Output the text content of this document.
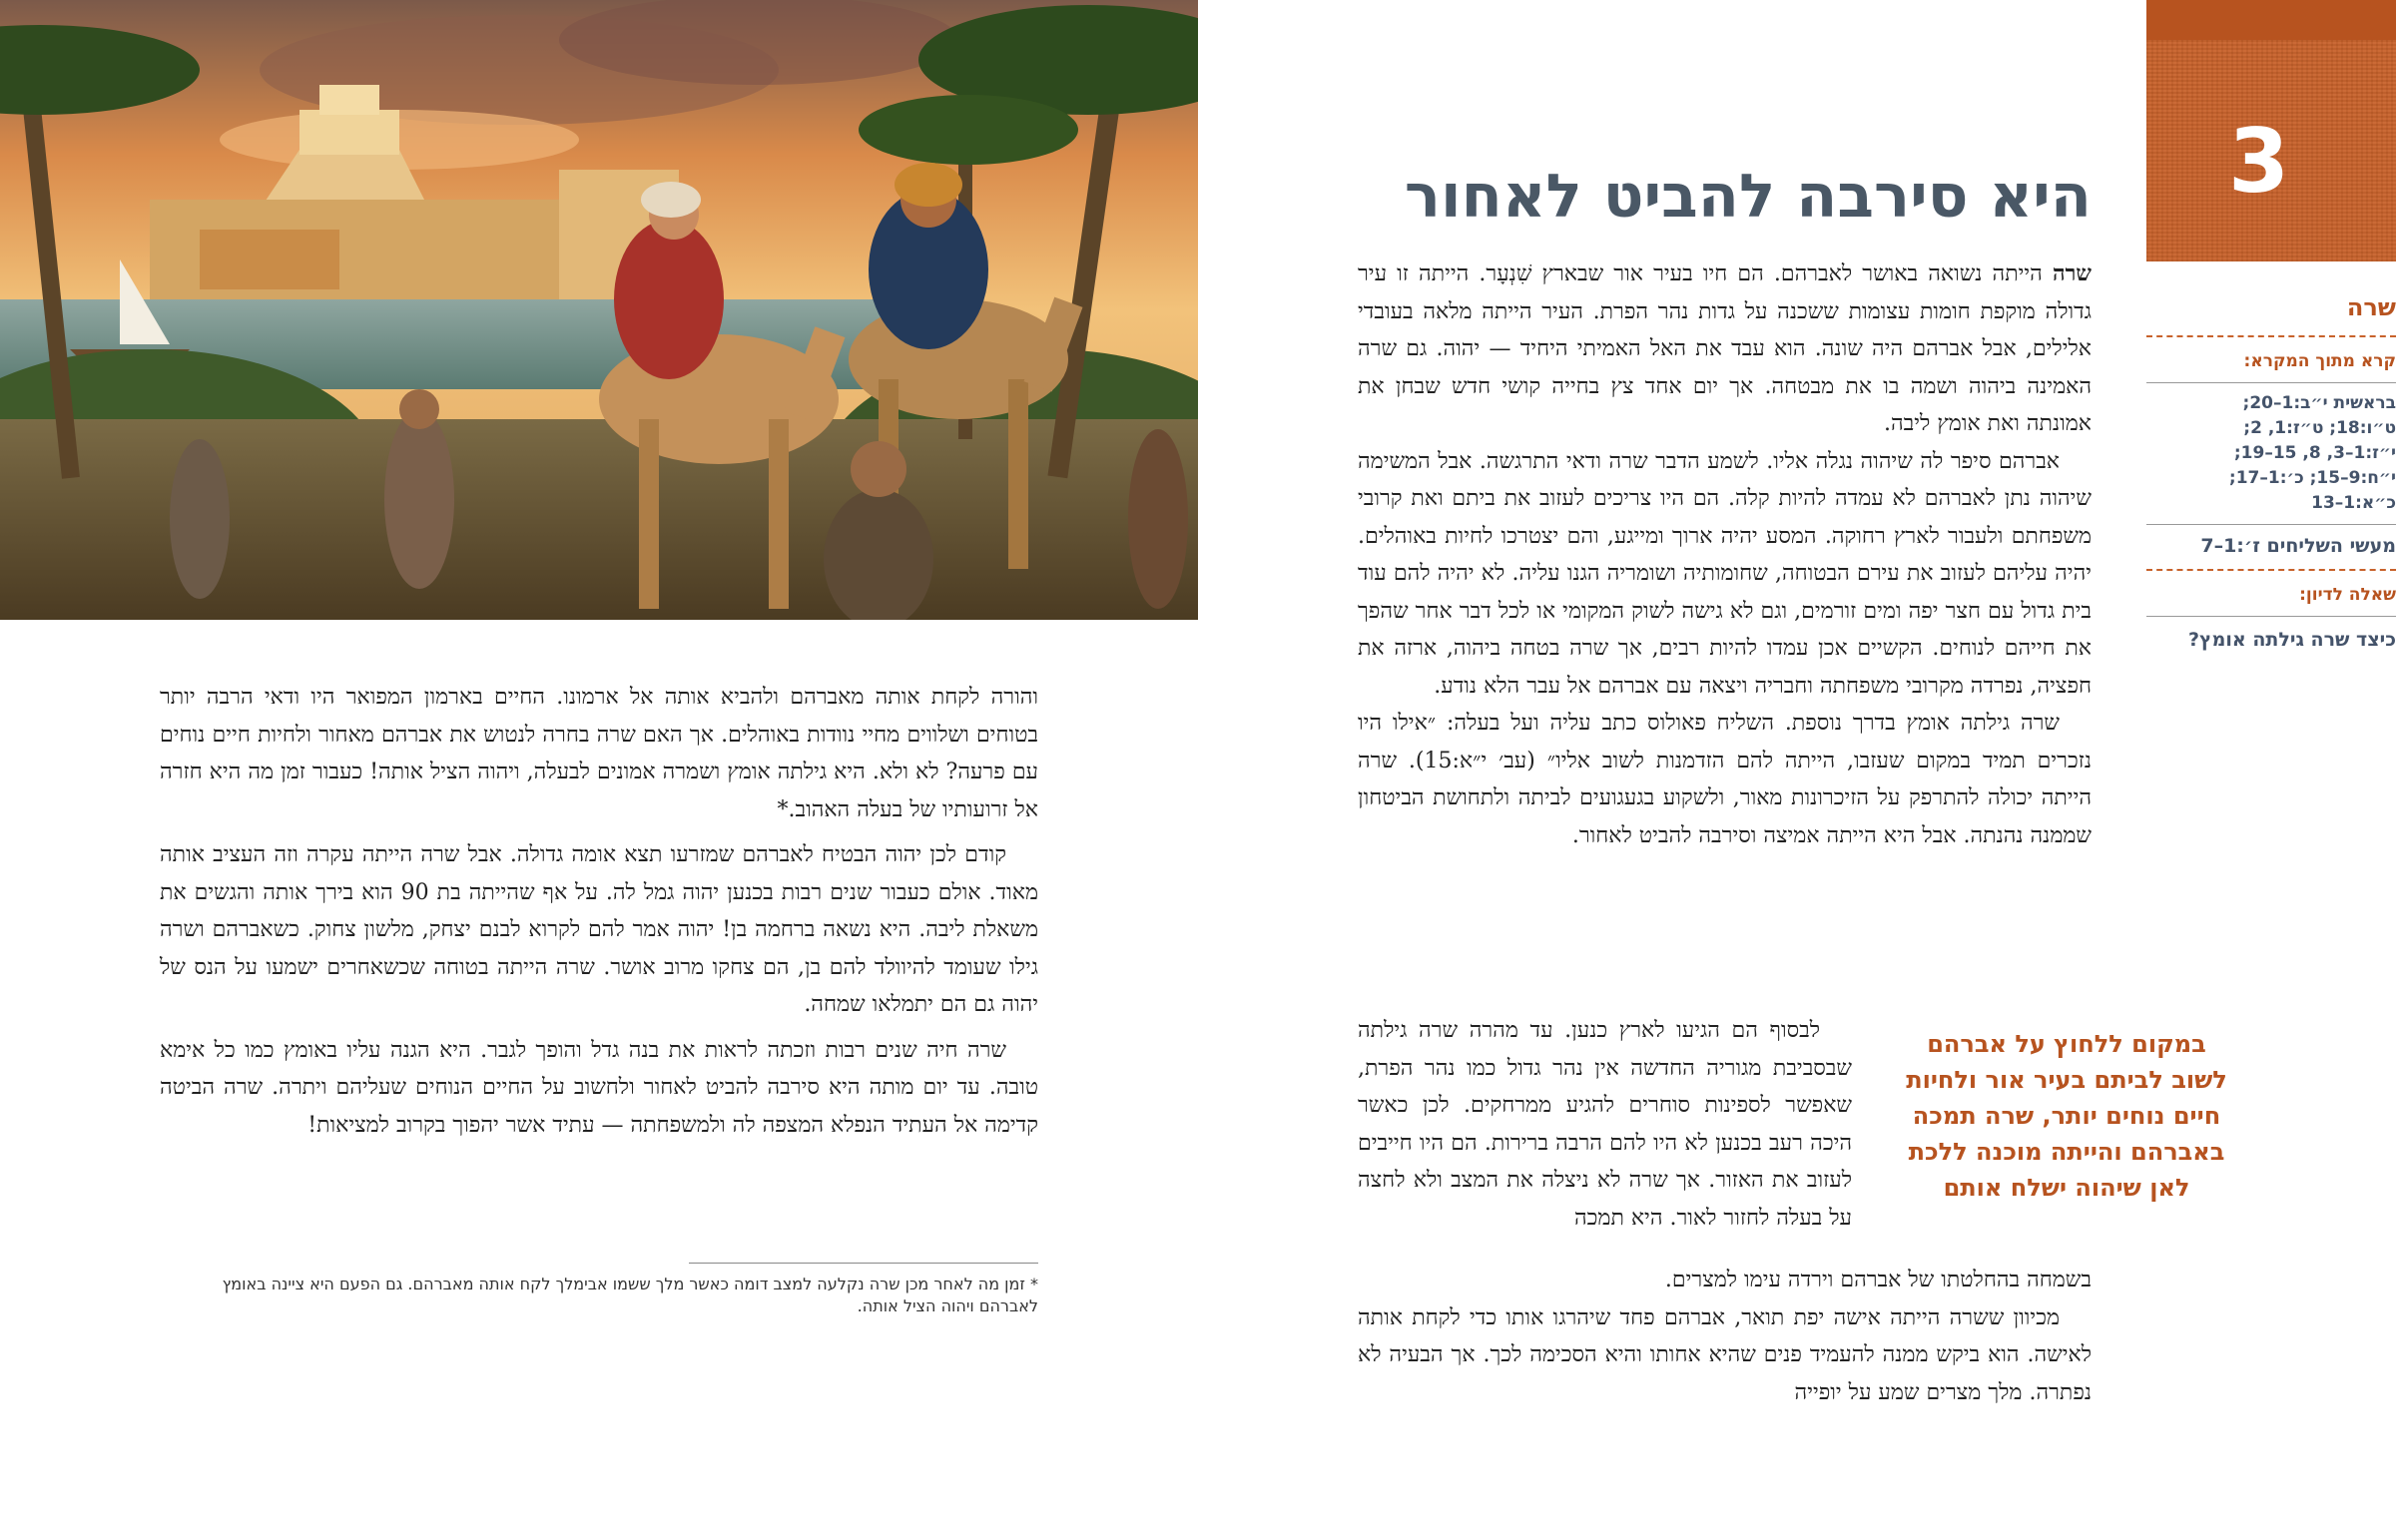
והורה לקחת אותה מאברהם ולהביא אותה אל ארמונו. החיים בארמון המפואר היו ודאי הרבה יותר בטוחים ושלווים מחיי נוודות באוהלים. אך האם שרה בחרה לנטוש את אברהם מאחור ולחיות חיים נוחים עם פרעה? לא ולא. היא גילתה אומץ ושמרה אמונים לבעלה, ויהוה הציל אותה! כעבור זמן מה היא חזרה אל זרועותיו של בעלה האהוב.*

קודם לכן יהוה הבטיח לאברהם שמזרעו תצא אומה גדולה. אבל שרה הייתה עקרה וזה העציב אותה מאוד. אולם כעבור שנים רבות בכנען יהוה גמל לה. על אף שהייתה בת 90 הוא בירך אותה והגשים את משאלת ליבה. היא נשאה ברחמה בן! יהוה אמר להם לקרוא לבנם יצחק, מלשון צחוק. כשאברהם ושרה גילו שעומד להיוולד להם בן, הם צחקו מרוב אושר. שרה הייתה בטוחה שכשאחרים ישמעו על הנס של יהוה גם הם יתמלאו שמחה.

שרה חיה שנים רבות וזכתה לראות את בנה גדל והופך לגבר. היא הגנה עליו באומץ כמו כל אימא טובה. עד יום מותה היא סירבה להביט לאחור ולחשוב על החיים הנוחים שעליהם ויתרה. שרה הביטה קדימה אל העתיד הנפלא המצפה לה ולמשפחתה — עתיד אשר יהפוך בקרוב למציאות!

* זמן מה לאחר מכן שרה נקלעה למצב דומה כאשר מלך ששמו אבימלך לקח אותה מאברהם. גם הפעם היא ציינה באומץ לאברהם ויהוה הציל אותה.
3
שרה
קרא מתוך המקרא:
בראשית י״ב:1–20;
ט״ו:18; ט״ז:1, 2;
י״ז:1–3, 8, 15–19;
י״ח:9–15; כ׳:1–17;
כ״א:1–13
מעשי השליחים ז׳:1–7
שאלה לדיון:
כיצד שרה גילתה אומץ?
היא סירבה להביט לאחור

שרה הייתה נשואה באושר לאברהם. הם חיו בעיר אור שבארץ שִׁנְעָר. הייתה זו עיר גדולה מוקפת חומות עצומות ששכנה על גדות נהר הפרת. העיר הייתה מלאה בעובדי אלילים, אבל אברהם היה שונה. הוא עבד את האל האמיתי היחיד — יהוה. גם שרה האמינה ביהוה ושמה בו את מבטחה. אך יום אחד צץ בחייה קושי חדש שבחן את אמונתה ואת אומץ ליבה.

אברהם סיפר לה שיהוה נגלה אליו. לשמע הדבר שרה ודאי התרגשה. אבל המשימה שיהוה נתן לאברהם לא עמדה להיות קלה. הם היו צריכים לעזוב את ביתם ואת קרובי משפחתם ולעבור לארץ רחוקה. המסע יהיה ארוך ומייגע, והם יצטרכו לחיות באוהלים. יהיה עליהם לעזוב את עירם הבטוחה, שחומותיה ושומריה הגנו עליה. לא יהיה להם עוד בית גדול עם חצר יפה ומים זורמים, וגם לא גישה לשוק המקומי או לכל דבר אחר שהפך את חייהם לנוחים. הקשיים אכן עמדו להיות רבים, אך שרה בטחה ביהוה, ארזה את חפציה, נפרדה מקרובי משפחתה וחבריה ויצאה עם אברהם אל עבר הלא נודע.

שרה גילתה אומץ בדרך נוספת. השליח פאולוס כתב עליה ועל בעלה: ״אילו היו נזכרים תמיד במקום שעזבו, הייתה להם הזדמנות לשוב אליו״ (עב׳ י״א:15). שרה הייתה יכולה להתרפק על הזיכרונות מאור, ולשקוע בגעגועים לביתה ולתחושת הביטחון שממנה נהנתה. אבל היא הייתה אמיצה וסירבה להביט לאחור.

לבסוף הם הגיעו לארץ כנען. עד מהרה שרה גילתה שבסביבת מגוריה החדשה אין נהר גדול כמו נהר הפרת, שאפשר לספינות סוחרים להגיע ממרחקים. לכן כאשר היכה רעב בכנען לא היו להם הרבה ברירות. הם היו חייבים לעזוב את האזור. אך שרה לא ניצלה את המצב ולא לחצה על בעלה לחזור לאור. היא תמכה

בשמחה בהחלטתו של אברהם וירדה עימו למצרים.

מכיוון ששרה הייתה אישה יפת תואר, אברהם פחד שיהרגו אותו כדי לקחת אותה לאישה. הוא ביקש ממנה להעמיד פנים שהיא אחותו והיא הסכימה לכך. אך הבעיה לא נפתרה. מלך מצרים שמע על יופייה

במקום ללחוץ על אברהם לשוב לביתם בעיר אור ולחיות חיים נוחים יותר, שרה תמכה באברהם והייתה מוכנה ללכת לאן שיהוה ישלח אותם
